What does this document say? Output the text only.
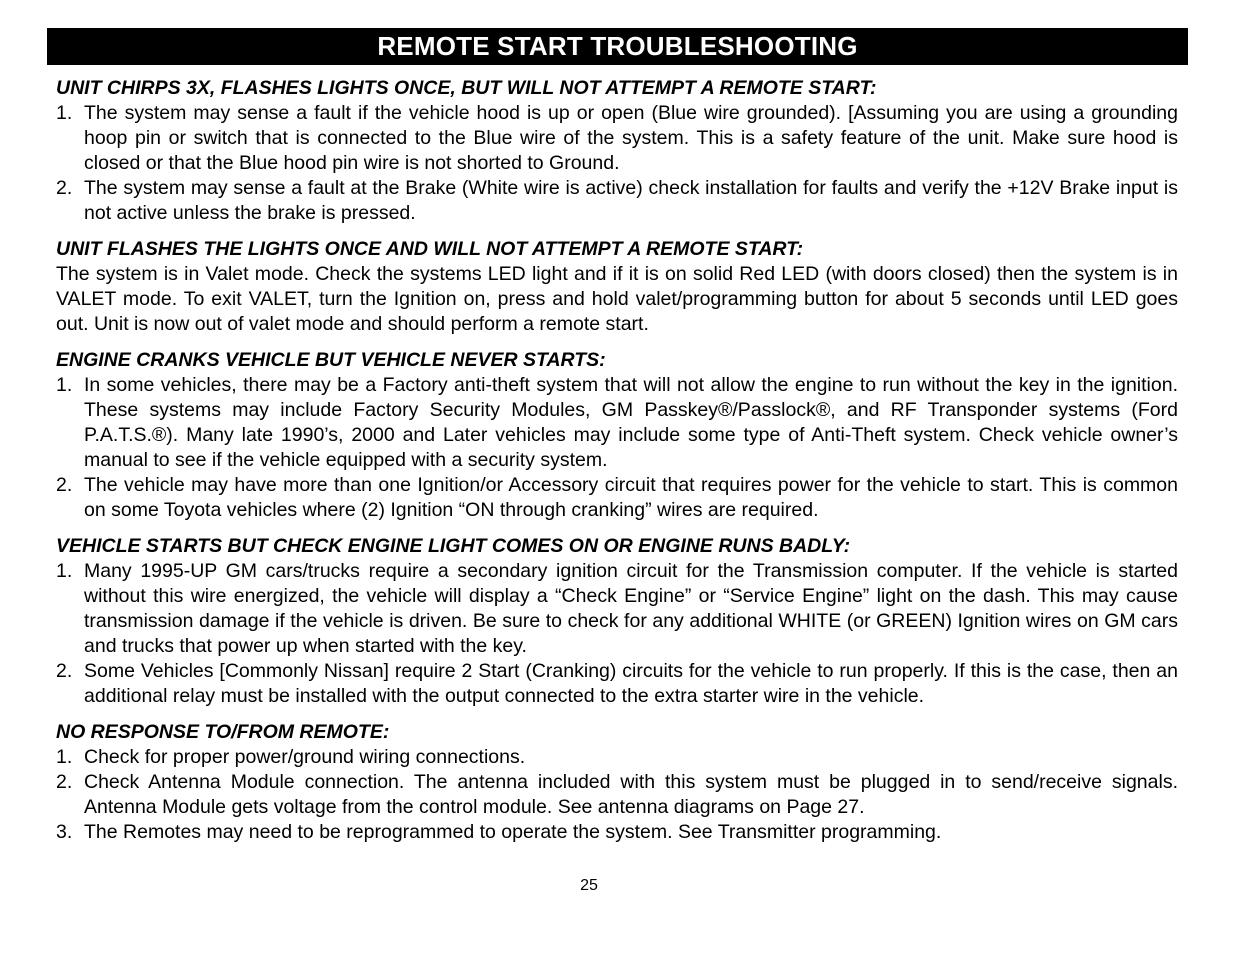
REMOTE START TROUBLESHOOTING
UNIT CHIRPS 3X, FLASHES LIGHTS ONCE, BUT WILL NOT ATTEMPT A REMOTE START:
1. The system may sense a fault if the vehicle hood is up or open (Blue wire grounded). [Assuming you are using a grounding hoop pin or switch that is connected to the Blue wire of the system. This is a safety feature of the unit. Make sure hood is closed or that the Blue hood pin wire is not shorted to Ground.
2. The system may sense a fault at the Brake (White wire is active) check installation for faults and verify the +12V Brake input is not active unless the brake is pressed.
UNIT FLASHES THE LIGHTS ONCE AND WILL NOT ATTEMPT A REMOTE START:

The system is in Valet mode. Check the systems LED light and if it is on solid Red LED (with doors closed) then the system is in VALET mode. To exit VALET, turn the Ignition on, press and hold valet/programming button for about 5 seconds until LED goes out. Unit is now out of valet mode and should perform a remote start.

ENGINE CRANKS VEHICLE BUT VEHICLE NEVER STARTS:
1. In some vehicles, there may be a Factory anti-theft system that will not allow the engine to run without the key in the ignition. These systems may include Factory Security Modules, GM Passkey®/Passlock®, and RF Transponder systems (Ford P.A.T.S.®). Many late 1990’s, 2000 and Later vehicles may include some type of Anti-Theft system. Check vehicle owner’s manual to see if the vehicle equipped with a security system.
2. The vehicle may have more than one Ignition/or Accessory circuit that requires power for the vehicle to start. This is common on some Toyota vehicles where (2) Ignition “ON through cranking” wires are required.
VEHICLE STARTS BUT CHECK ENGINE LIGHT COMES ON OR ENGINE RUNS BADLY:
1. Many 1995-UP GM cars/trucks require a secondary ignition circuit for the Transmission computer. If the vehicle is started without this wire energized, the vehicle will display a “Check Engine” or “Service Engine” light on the dash. This may cause transmission damage if the vehicle is driven. Be sure to check for any additional WHITE (or GREEN) Ignition wires on GM cars and trucks that power up when started with the key.
2. Some Vehicles [Commonly Nissan] require 2 Start (Cranking) circuits for the vehicle to run properly. If this is the case, then an additional relay must be installed with the output connected to the extra starter wire in the vehicle.
NO RESPONSE TO/FROM REMOTE:
1. Check for proper power/ground wiring connections.
2. Check Antenna Module connection. The antenna included with this system must be plugged in to send/receive signals. Antenna Module gets voltage from the control module. See antenna diagrams on Page 27.
3. The Remotes may need to be reprogrammed to operate the system. See Transmitter programming.
25
